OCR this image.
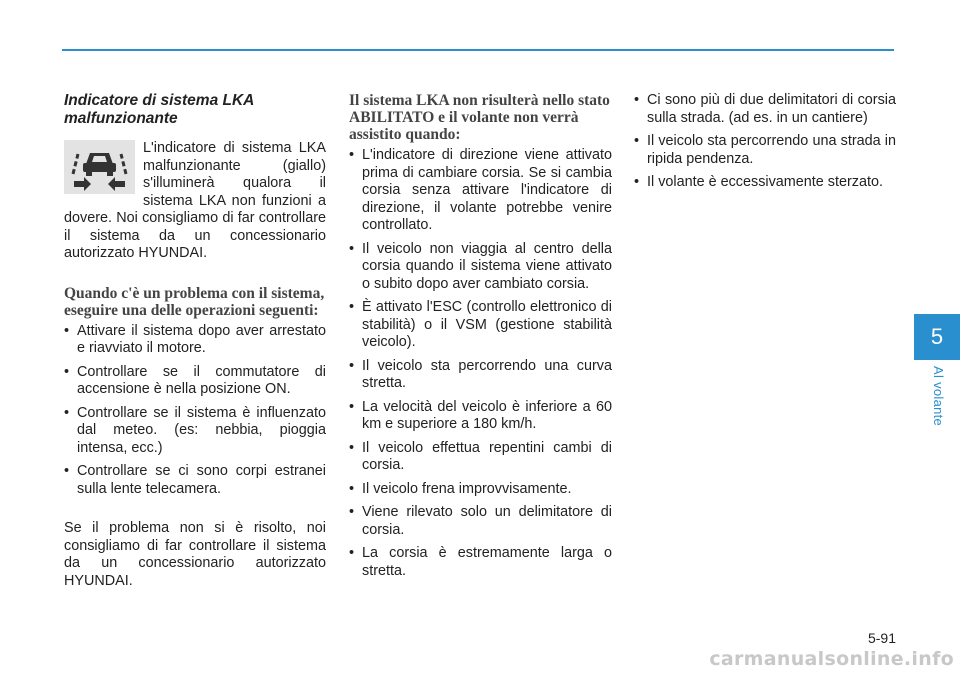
Indicatore di sistema LKA malfunzionante

L'indicatore di sistema LKA malfunzionante (giallo) s'illuminerà qualora il sistema LKA non funzioni a dovere. Noi consigliamo di far controllare il sistema da un concessionario autorizzato HYUNDAI.

Quando c'è un problema con il sistema, eseguire una delle operazioni seguenti:
• Attivare il sistema dopo aver arrestato e riavviato il motore.
• Controllare se il commutatore di accensione è nella posizione ON.
• Controllare se il sistema è influenzato dal meteo. (es: nebbia, pioggia intensa, ecc.)
• Controllare se ci sono corpi estranei sulla lente telecamera.

Se il problema non si è risolto, noi consigliamo di far controllare il sistema da un concessionario autorizzato HYUNDAI.

Il sistema LKA non risulterà nello stato ABILITATO e il volante non verrà assistito quando:
• L'indicatore di direzione viene attivato prima di cambiare corsia. Se si cambia corsia senza attivare l'indicatore di direzione, il volante potrebbe venire controllato.
• Il veicolo non viaggia al centro della corsia quando il sistema viene attivato o subito dopo aver cambiato corsia.
• È attivato l'ESC (controllo elettronico di stabilità) o il VSM (gestione stabilità veicolo).
• Il veicolo sta percorrendo una curva stretta.
• La velocità del veicolo è inferiore a 60 km e superiore a 180 km/h.
• Il veicolo effettua repentini cambi di corsia.
• Il veicolo frena improvvisamente.
• Viene rilevato solo un delimitatore di corsia.
• La corsia è estremamente larga o stretta.
• Ci sono più di due delimitatori di corsia sulla strada. (ad es. in un cantiere)
• Il veicolo sta percorrendo una strada in ripida pendenza.
• Il volante è eccessivamente sterzato.
5
Al volante
5-91
carmanualsonline.info
